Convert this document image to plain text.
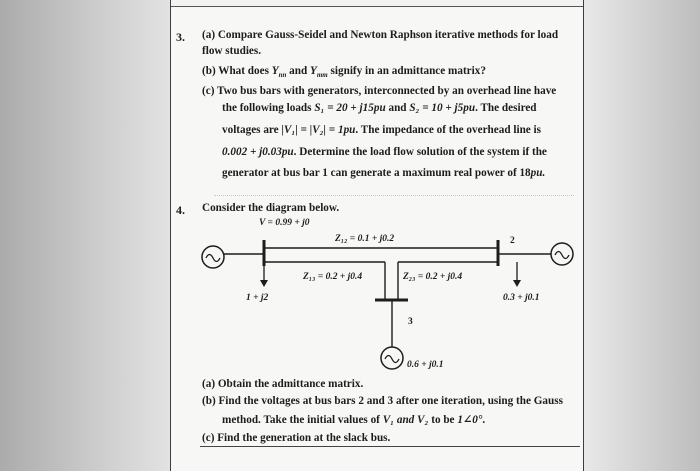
3. (a) Compare Gauss-Seidel and Newton Raphson iterative methods for load
flow studies.
(b) What does $Y_{nn}$ and $Y_{mm}$ signify in an admittance matrix?
(c) Two bus bars with generators, interconnected by an overhead line have
the following loads S₁ = 20 + j15pu and S₂ = 10 + j5pu. The desired
voltages are |V₁| = |V₂| = 1pu. The impedance of the overhead line is
0.002 + j0.03pu. Determine the load flow solution of the system if the
generator at bus bar 1 can generate a maximum real power of 18pu.
4. Consider the diagram below.
V = 0.99 + j0
Z₁₂ = 0.1 + j0.2
Z₁₃ = 0.2 + j0.4	Z₂₃ = 0.2 + j0.4
2
3
1 + j2	0.3 + j0.1
0.6 + j0.1
(a) Obtain the admittance matrix.
(b) Find the voltages at bus bars 2 and 3 after one iteration, using the Gauss
method. Take the initial values of V₁ and V₂ to be 1∠0°.
(c) Find the generation at the slack bus.
